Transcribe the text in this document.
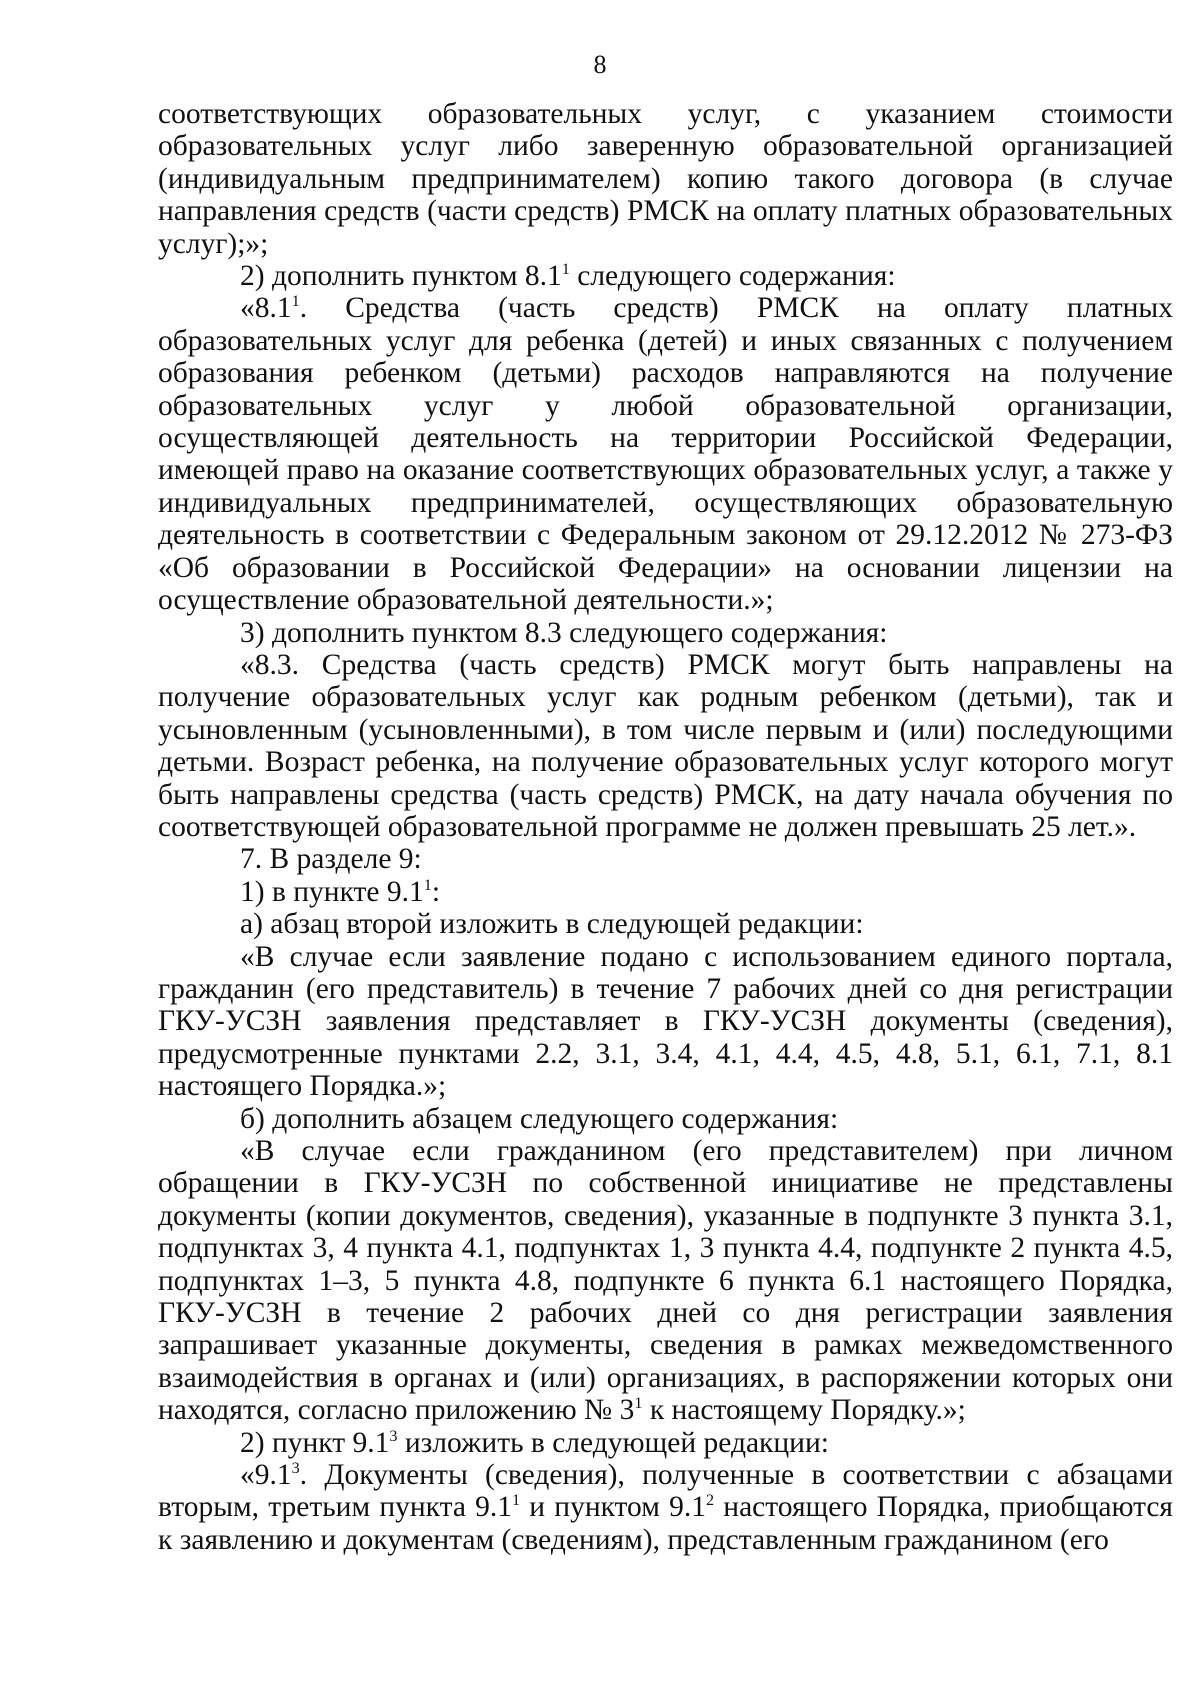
8

соответствующих образовательных услуг, с указанием стоимости образовательных услуг либо заверенную образовательной организацией (индивидуальным предпринимателем) копию такого договора (в случае направления средств (части средств) РМСК на оплату платных образовательных услуг);»;

2) дополнить пунктом $8.1^1$ следующего содержания:

«$8.1^1$. Средства (часть средств) РМСК на оплату платных образовательных услуг для ребенка (детей) и иных связанных с получением образования ребенком (детьми) расходов направляются на получение образовательных услуг у любой образовательной организации, осуществляющей деятельность на территории Российской Федерации, имеющей право на оказание соответствующих образовательных услуг, а также у индивидуальных предпринимателей, осуществляющих образовательную деятельность в соответствии с Федеральным законом от 29.12.2012 № 273-ФЗ «Об образовании в Российской Федерации» на основании лицензии на осуществление образовательной деятельности.»;

3) дополнить пунктом 8.3 следующего содержания:

«8.3. Средства (часть средств) РМСК могут быть направлены на получение образовательных услуг как родным ребенком (детьми), так и усыновленным (усыновленными), в том числе первым и (или) последующими детьми. Возраст ребенка, на получение образовательных услуг которого могут быть направлены средства (часть средств) РМСК, на дату начала обучения по соответствующей образовательной программе не должен превышать 25 лет.».

7. В разделе 9:

1) в пункте $9.1^1$:

а) абзац второй изложить в следующей редакции:

«В случае если заявление подано с использованием единого портала, гражданин (его представитель) в течение 7 рабочих дней со дня регистрации ГКУ-УСЗН заявления представляет в ГКУ-УСЗН документы (сведения), предусмотренные пунктами 2.2, 3.1, 3.4, 4.1, 4.4, 4.5, 4.8, 5.1, 6.1, 7.1, 8.1 настоящего Порядка.»;

б) дополнить абзацем следующего содержания:

«В случае если гражданином (его представителем) при личном обращении в ГКУ-УСЗН по собственной инициативе не представлены документы (копии документов, сведения), указанные в подпункте 3 пункта 3.1, подпунктах 3, 4 пункта 4.1, подпунктах 1, 3 пункта 4.4, подпункте 2 пункта 4.5, подпунктах 1–3, 5 пункта 4.8, подпункте 6 пункта 6.1 настоящего Порядка, ГКУ-УСЗН в течение 2 рабочих дней со дня регистрации заявления запрашивает указанные документы, сведения в рамках межведомственного взаимодействия в органах и (или) организациях, в распоряжении которых они находятся, согласно приложению № $3^1$ к настоящему Порядку.»;

2) пункт $9.1^3$ изложить в следующей редакции:

«$9.1^3$. Документы (сведения), полученные в соответствии с абзацами вторым, третьим пункта $9.1^1$ и пунктом $9.1^2$ настоящего Порядка, приобщаются к заявлению и документам (сведениям), представленным гражданином (его
